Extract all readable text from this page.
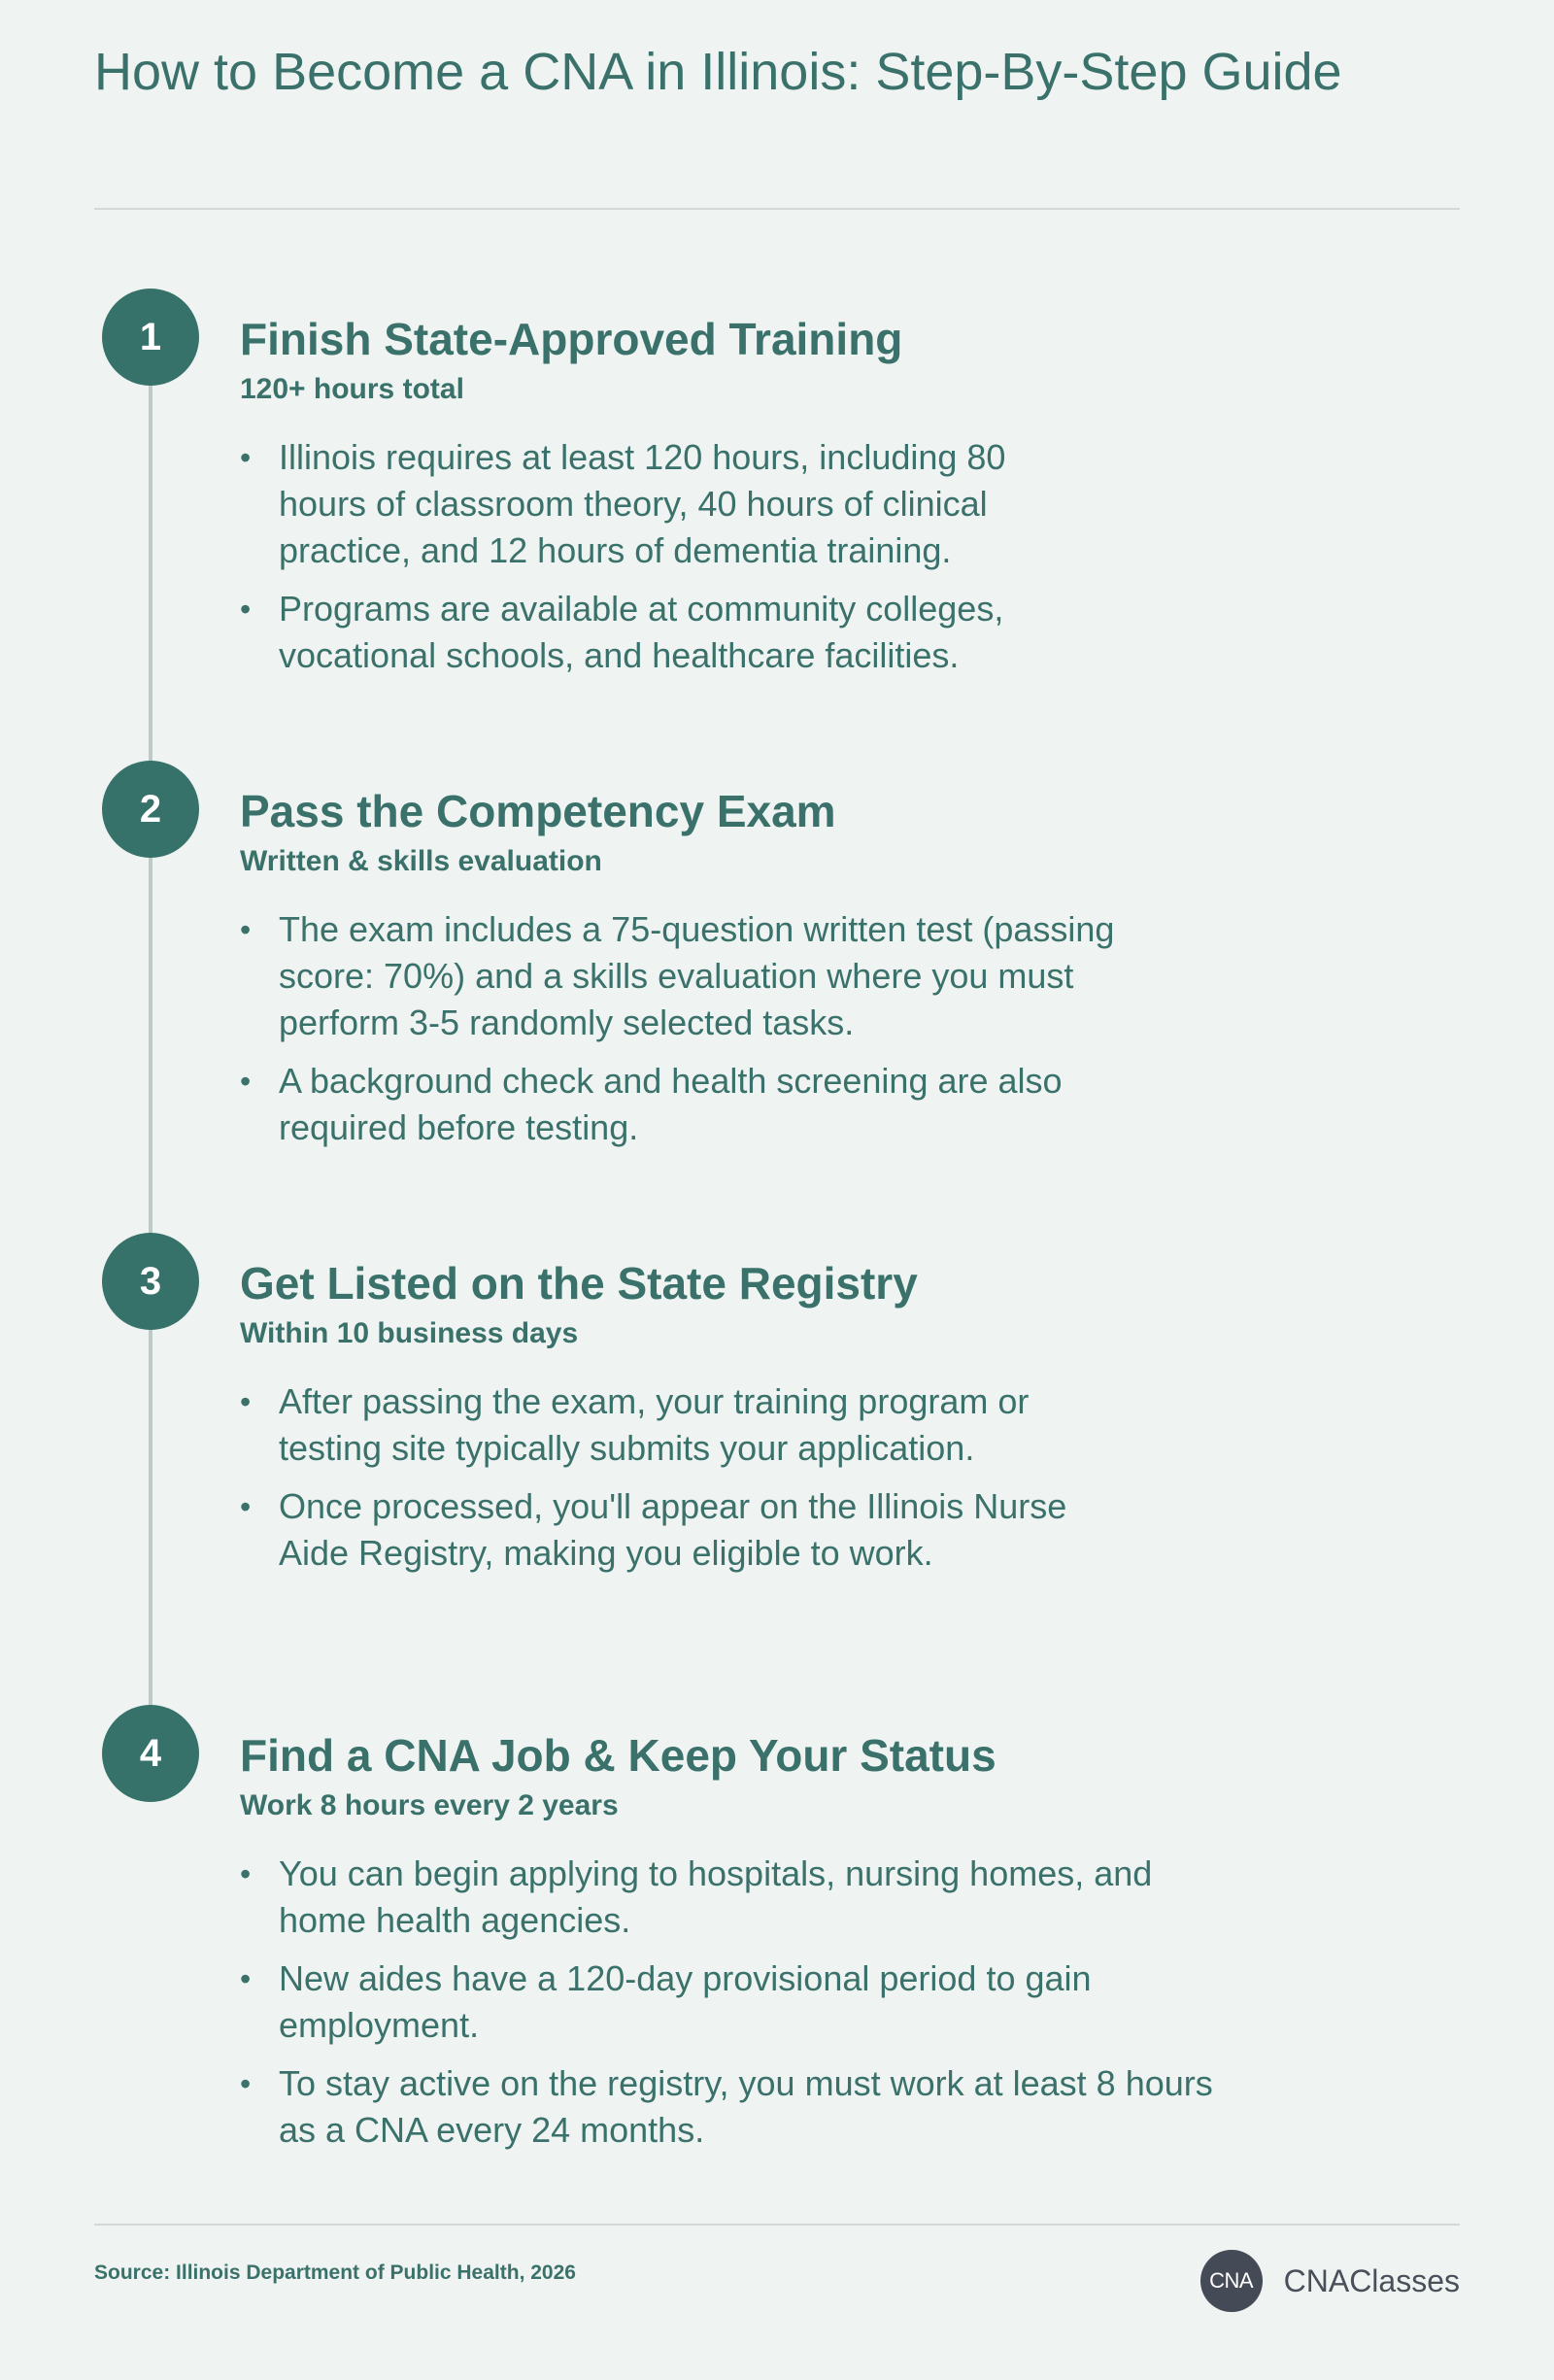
How to Become a CNA in Illinois: Step-By-Step Guide
1	Finish State-Approved Training

120+ hours total

• Illinois requires at least 120 hours, including 80 hours of classroom theory, 40 hours of clinical practice, and 12 hours of dementia training.
• Programs are available at community colleges, vocational schools, and healthcare facilities.
2	Pass the Competency Exam

Written & skills evaluation

• The exam includes a 75-question written test (passing score: 70%) and a skills evaluation where you must perform 3-5 randomly selected tasks.
• A background check and health screening are also required before testing.
3	Get Listed on the State Registry

Within 10 business days

• After passing the exam, your training program or testing site typically submits your application.
• Once processed, you'll appear on the Illinois Nurse Aide Registry, making you eligible to work.
4	Find a CNA Job & Keep Your Status

Work 8 hours every 2 years

• You can begin applying to hospitals, nursing homes, and home health agencies.
• New aides have a 120-day provisional period to gain employment.
• To stay active on the registry, you must work at least 8 hours as a CNA every 24 months.

Source: Illinois Department of Public Health, 2026	CNA CNAClasses
